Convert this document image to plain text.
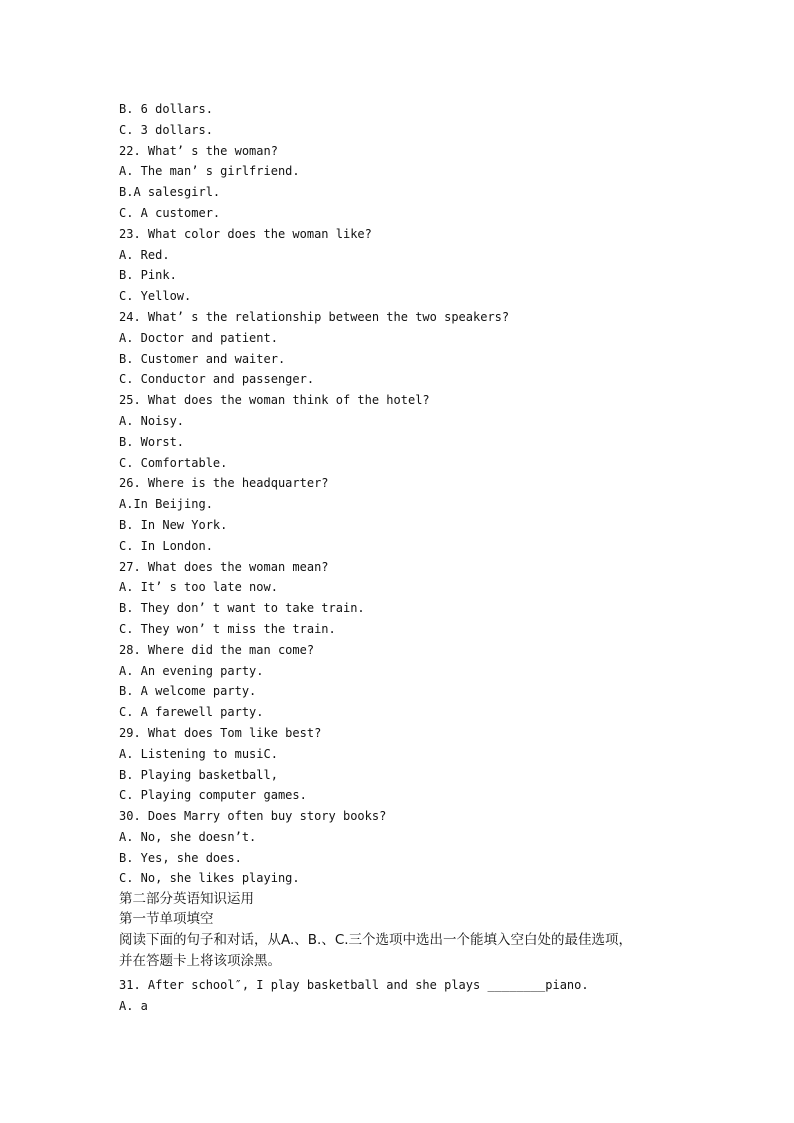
B. 6 dollars.
C. 3 dollars.
22. What’ s the woman?
A. The man’ s girlfriend.
B.A salesgirl.
C. A customer.
23. What color does the woman like?
A. Red.
B. Pink.
C. Yellow.
24. What’ s the relationship between the two speakers?
A. Doctor and patient.
B. Customer and waiter.
C. Conductor and passenger.
25. What does the woman think of the hotel?
A. Noisy.
B. Worst.
C. Comfortable.
26. Where is the headquarter?
A.In Beijing.
B. In New York.
C. In London.
27. What does the woman mean?
A. It’ s too late now.
B. They don’ t want to take train.
C. They won’ t miss the train.
28. Where did the man come?
A. An evening party.
B. A welcome party.
C. A farewell party.
29. What does Tom like best?
A. Listening to musiC.
B. Playing basketball,
C. Playing computer games.
30. Does Marry often buy story books?
A. No, she doesn’t.
B. Yes, she does.
C. No, she likes playing.
第二部分英语知识运用
第一节单项填空
阅读下面的句子和对话，从A.、B.、C.三个选项中选出一个能填入空白处的最佳选项，并在答题卡上将该项涂黑。
31. After school″, I play basketball and she plays ________piano.
A. a
